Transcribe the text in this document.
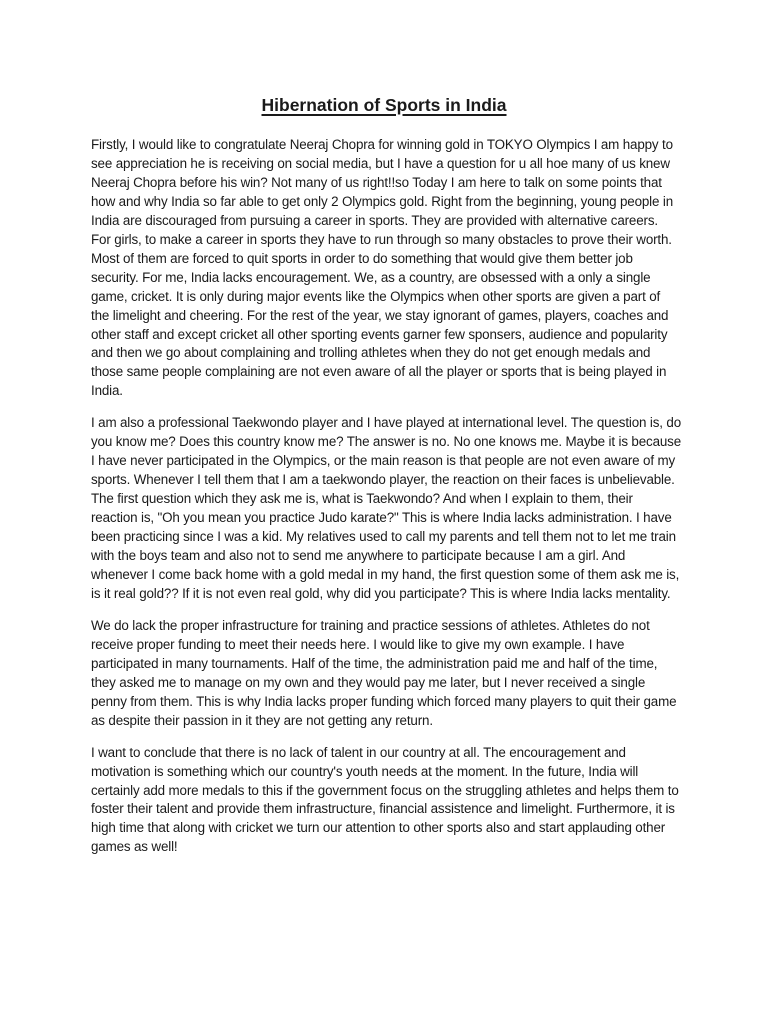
Hibernation of Sports in India

Firstly, I would like to congratulate Neeraj Chopra for winning gold in TOKYO Olympics I am happy to see appreciation he is receiving on social media, but I have a question for u all hoe many of us knew Neeraj Chopra before his win? Not many of us right!!so Today I am here to talk on some points that how and why India so far able to get only 2 Olympics gold. Right from the beginning, young people in India are discouraged from pursuing a career in sports. They are provided with alternative careers. For girls, to make a career in sports they have to run through so many obstacles to prove their worth. Most of them are forced to quit sports in order to do something that would give them better job security. For me, India lacks encouragement. We, as a country, are obsessed with a only a single game, cricket. It is only during major events like the Olympics when other sports are given a part of the limelight and cheering. For the rest of the year, we stay ignorant of games, players, coaches and other staff and except cricket all other sporting events garner few sponsers, audience and popularity and then we go about complaining and trolling athletes when they do not get enough medals and those same people complaining are not even aware of all the player or sports that is being played in India.

I am also a professional Taekwondo player and I have played at international level. The question is, do you know me? Does this country know me? The answer is no. No one knows me. Maybe it is because I have never participated in the Olympics, or the main reason is that people are not even aware of my sports. Whenever I tell them that I am a taekwondo player, the reaction on their faces is unbelievable. The first question which they ask me is, what is Taekwondo? And when I explain to them, their reaction is, "Oh you mean you practice Judo karate?" This is where India lacks administration. I have been practicing since I was a kid. My relatives used to call my parents and tell them not to let me train with the boys team and also not to send me anywhere to participate because I am a girl. And whenever I come back home with a gold medal in my hand, the first question some of them ask me is, is it real gold?? If it is not even real gold, why did you participate? This is where India lacks mentality.

We do lack the proper infrastructure for training and practice sessions of athletes. Athletes do not receive proper funding to meet their needs here. I would like to give my own example. I have participated in many tournaments. Half of the time, the administration paid me and half of the time, they asked me to manage on my own and they would pay me later, but I never received a single penny from them. This is why India lacks proper funding which forced many players to quit their game as despite their passion in it they are not getting any return.

I want to conclude that there is no lack of talent in our country at all. The encouragement and motivation is something which our country's youth needs at the moment. In the future, India will certainly add more medals to this if the government focus on the struggling athletes and helps them to foster their talent and provide them infrastructure, financial assistence and limelight. Furthermore, it is high time that along with cricket we turn our attention to other sports also and start applauding other games as well!
